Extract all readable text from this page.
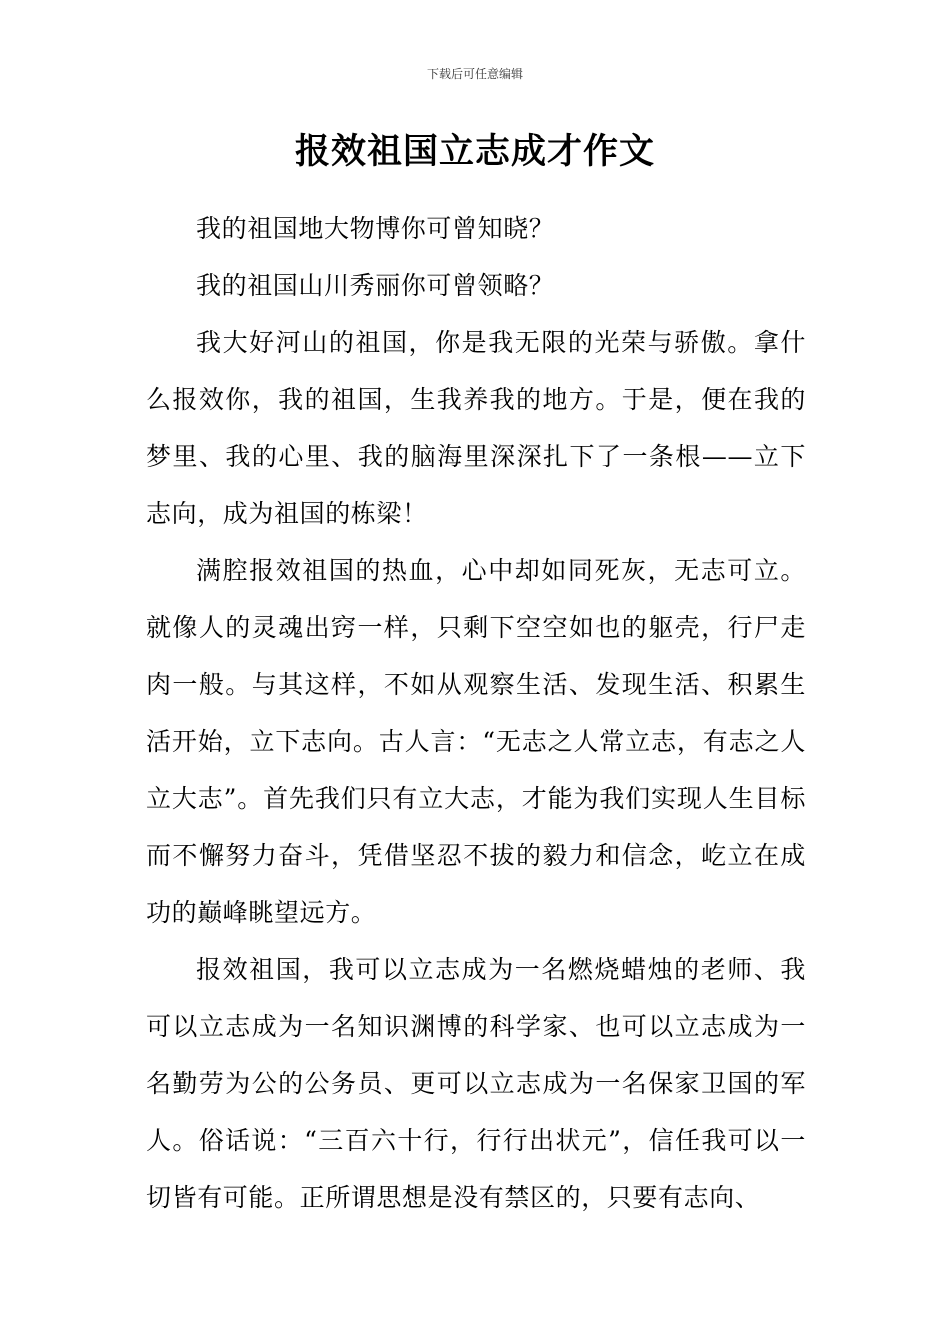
下载后可任意编辑
报效祖国立志成才作文

我的祖国地大物博你可曾知晓？

我的祖国山川秀丽你可曾领略？

我大好河山的祖国，你是我无限的光荣与骄傲。拿什么报效你，我的祖国，生我养我的地方。于是，便在我的梦里、我的心里、我的脑海里深深扎下了一条根——立下志向，成为祖国的栋梁！

满腔报效祖国的热血，心中却如同死灰，无志可立。就像人的灵魂出窍一样，只剩下空空如也的躯壳，行尸走肉一般。与其这样，不如从观察生活、发现生活、积累生活开始，立下志向。古人言：“无志之人常立志，有志之人立大志”。首先我们只有立大志，才能为我们实现人生目标而不懈努力奋斗，凭借坚忍不拔的毅力和信念，屹立在成功的巅峰眺望远方。

报效祖国，我可以立志成为一名燃烧蜡烛的老师、我可以立志成为一名知识渊博的科学家、也可以立志成为一名勤劳为公的公务员、更可以立志成为一名保家卫国的军人。俗话说：“三百六十行，行行出状元”，信任我可以一切皆有可能。正所谓思想是没有禁区的，只要有志向、
